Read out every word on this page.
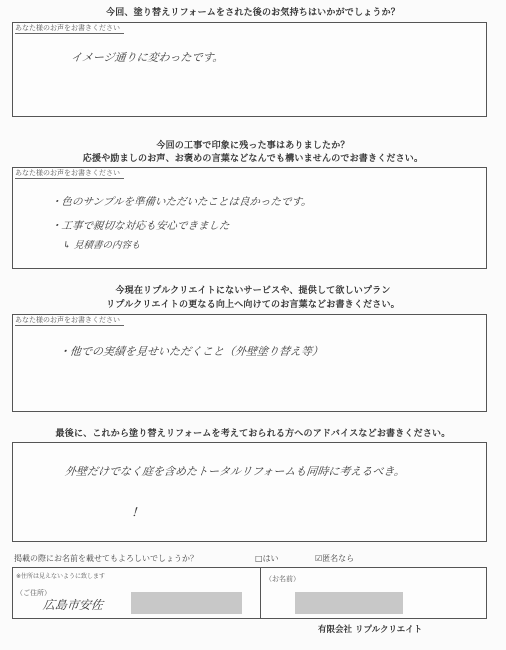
今回、塗り替えリフォームをされた後のお気持ちはいかがでしょうか？
あなた様のお声をお書きください
イメージ通りに変わったです。
今回の工事で印象に残った事はありましたか？
応援や励ましのお声、お褒めの言葉などなんでも構いませんのでお書きください。
あなた様のお声をお書きください
・色のサンプルを準備いただいたことは良かったです。
・工事で親切な対応も安心できました
↳ 見積書の内容も
今現在リプルクリエイトにないサービスや、提供して欲しいプラン
リプルクリエイトの更なる向上へ向けてのお言葉などお書きください。
あなた様のお声をお書きください
・他での実績を見せいただくこと（外壁塗り替え等）
最後に、これから塗り替えリフォームを考えておられる方へのアドバイスなどお書きください。
外壁だけでなく庭を含めたトータルリフォームも同時に考えるべき。
!
掲載の際にお名前を載せてもよろしいでしょうか？	□はい	☑匿名なら
※住所は見えないように致します
（ご住所）
広島市安佐
（お名前）
有限会社 リプルクリエイト
